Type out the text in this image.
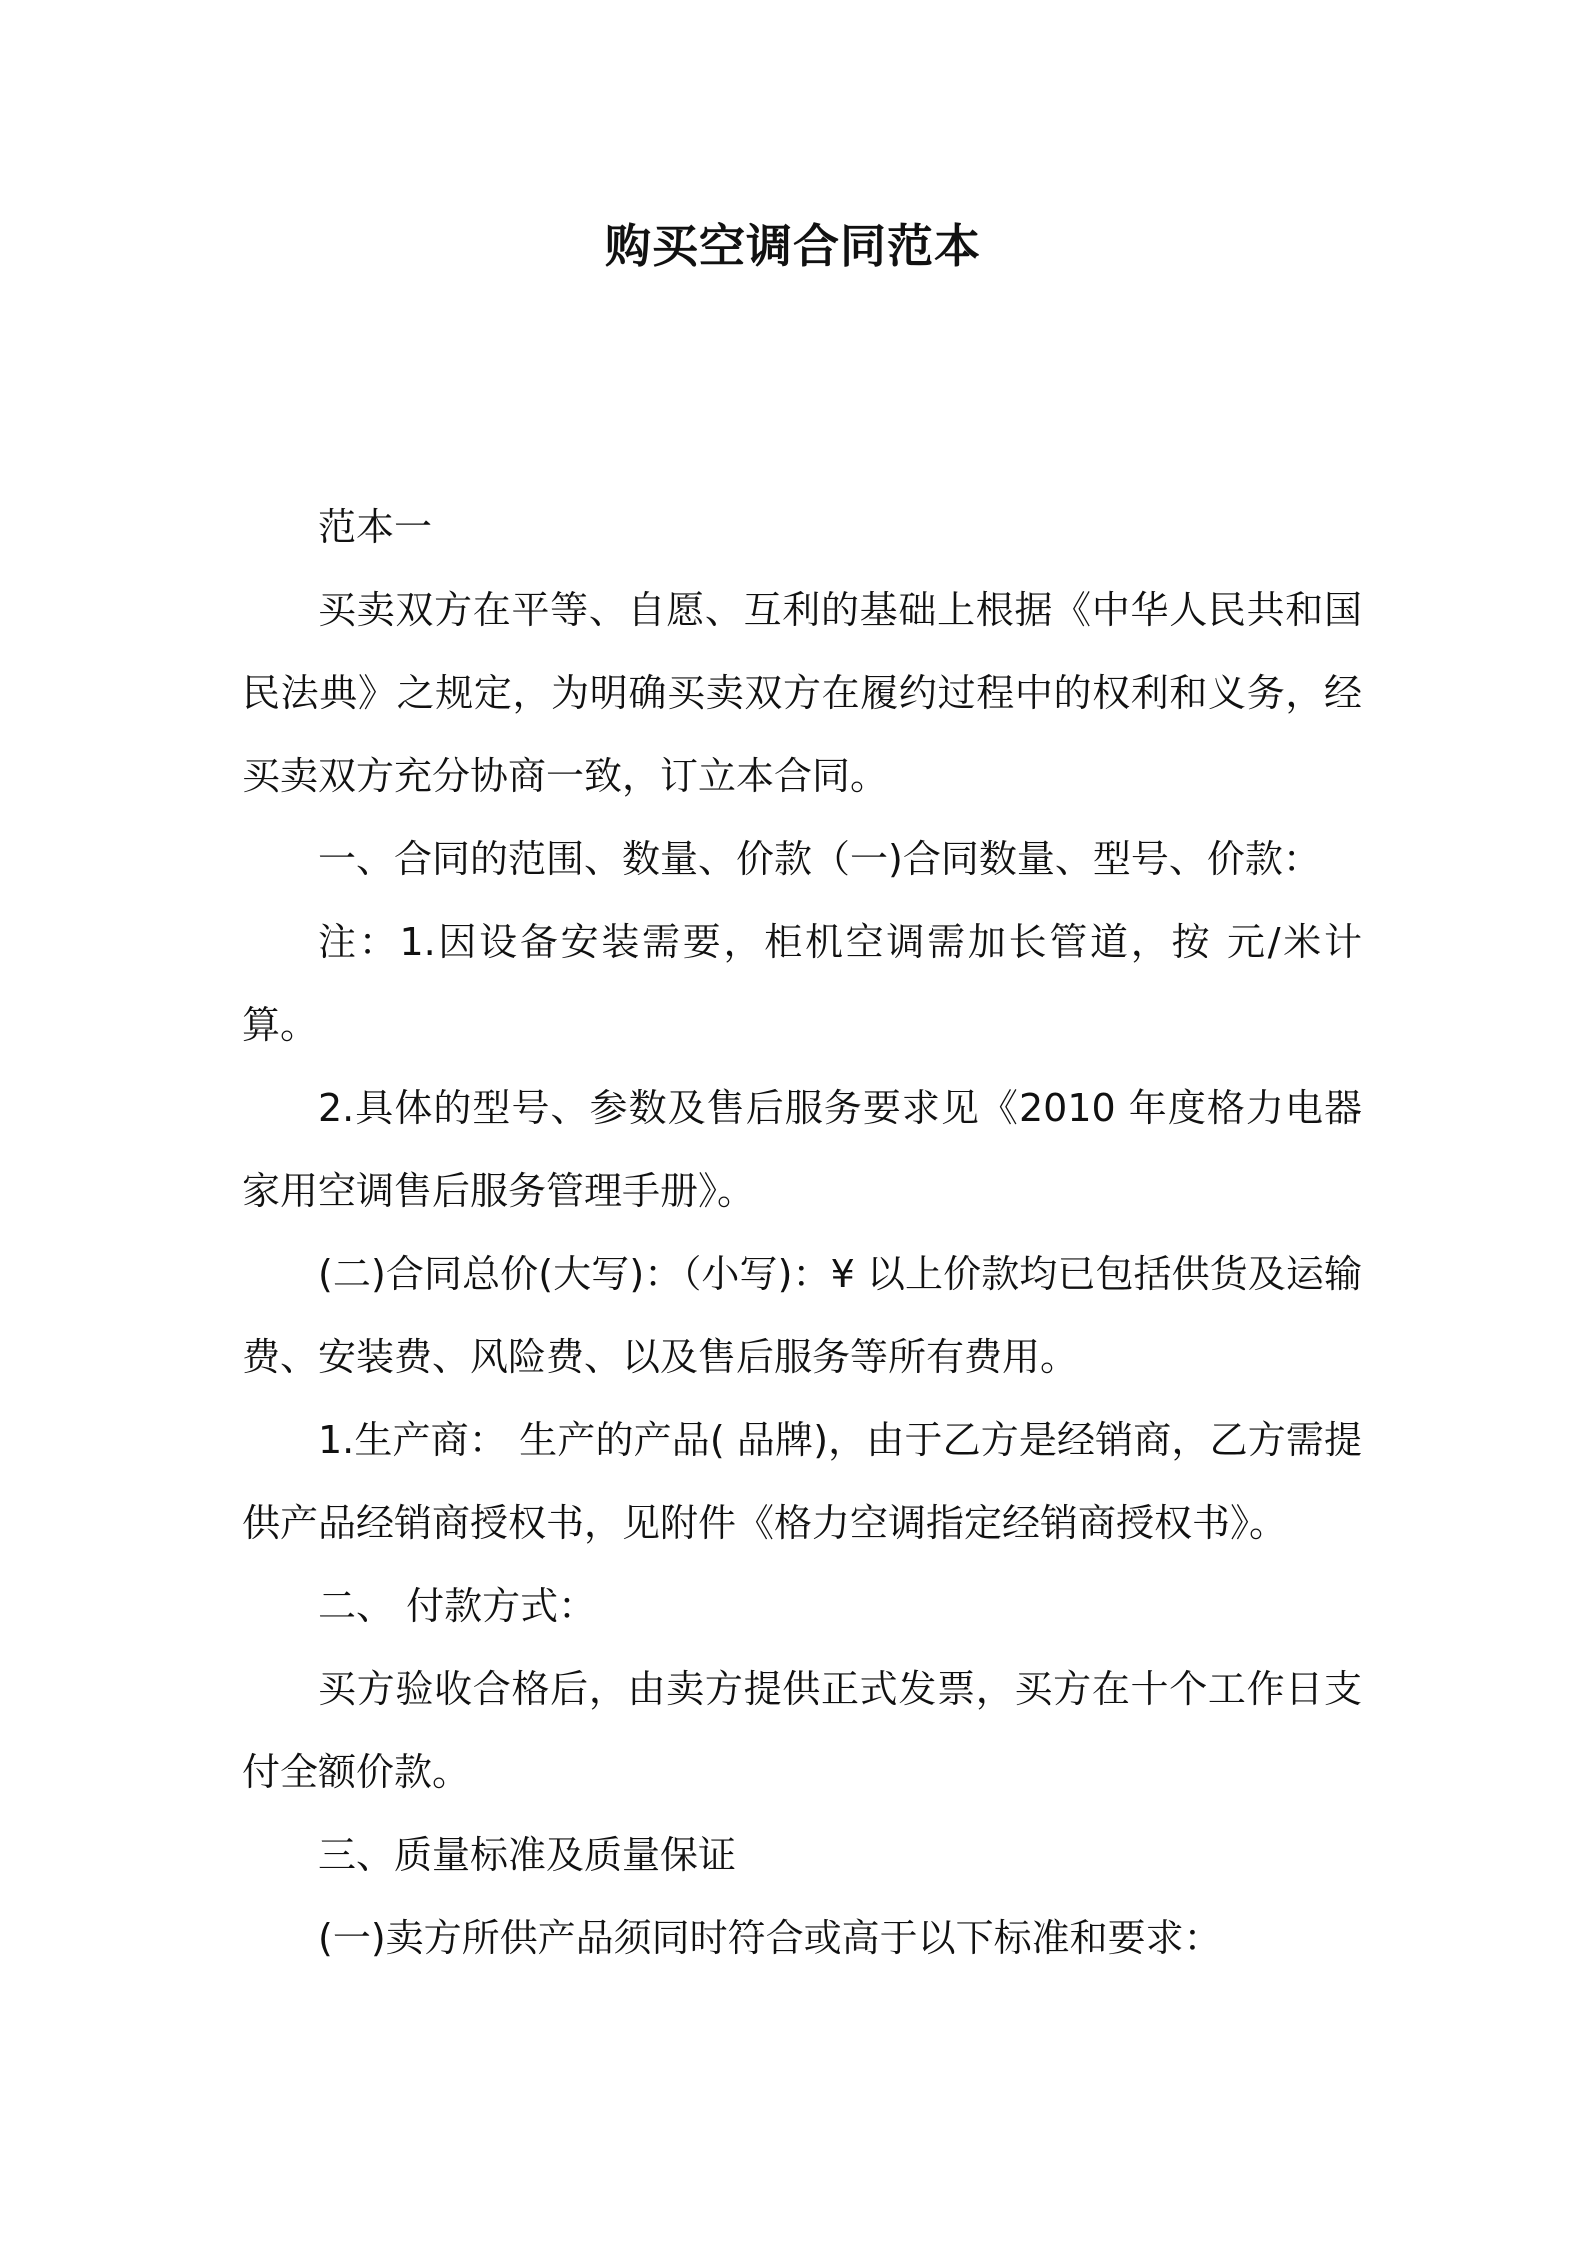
购买空调合同范本

范本一

买卖双方在平等、自愿、互利的基础上根据《中华人民共和国民法典》之规定，为明确买卖双方在履约过程中的权利和义务，经买卖双方充分协商一致，订立本合同。

一、合同的范围、数量、价款（一)合同数量、型号、价款：

注：1.因设备安装需要，柜机空调需加长管道，按 元/米计算。

2.具体的型号、参数及售后服务要求见《2010 年度格力电器家用空调售后服务管理手册》。

(二)合同总价(大写)：（小写)：¥ 以上价款均已包括供货及运输费、安装费、风险费、以及售后服务等所有费用。

1.生产商： 生产的产品( 品牌)，由于乙方是经销商，乙方需提供产品经销商授权书，见附件《格力空调指定经销商授权书》。

二、 付款方式：

买方验收合格后，由卖方提供正式发票，买方在十个工作日支付全额价款。

三、质量标准及质量保证

(一)卖方所供产品须同时符合或高于以下标准和要求：
